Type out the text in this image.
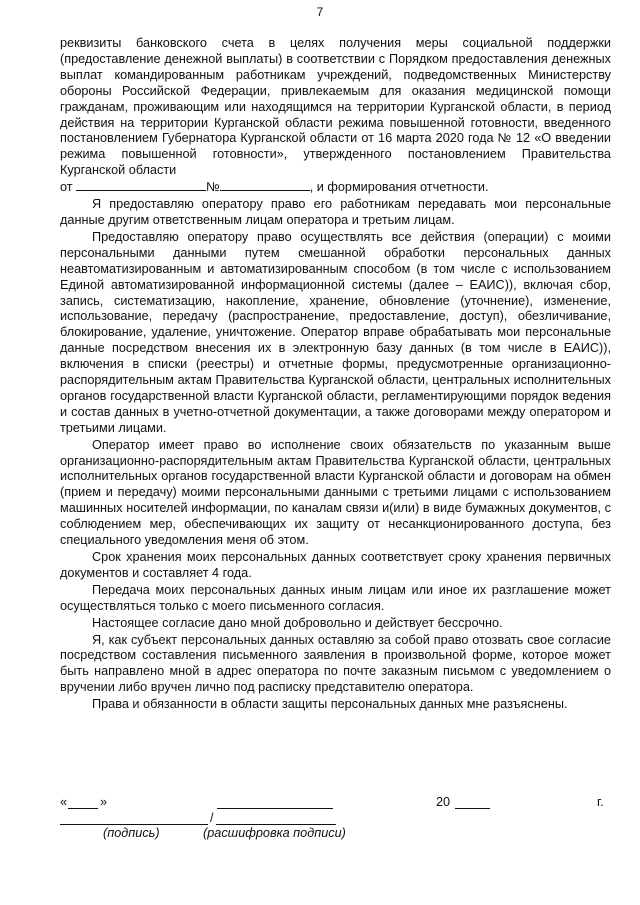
7

реквизиты банковского счета в целях получения меры социальной поддержки (предоставление денежной выплаты) в соответствии с Порядком предоставления денежных выплат командированным работникам учреждений, подведомственных Министерству обороны Российской Федерации, привлекаемым для оказания медицинской помощи гражданам, проживающим или находящимся на территории Курганской области, в период действия на территории Курганской области режима повышенной готовности, введенного постановлением Губернатора Курганской области от 16 марта 2020 года № 12 «О введении режима повышенной готовности», утвержденного постановлением Правительства Курганской области
от	№	, и формирования отчетности.

Я предоставляю оператору право его работникам передавать мои персональные данные другим ответственным лицам оператора и третьим лицам.

Предоставляю оператору право осуществлять все действия (операции) с моими персональными данными путем смешанной обработки персональных данных неавтоматизированным и автоматизированным способом (в том числе с использованием Единой автоматизированной информационной системы (далее – ЕАИС)), включая сбор, запись, систематизацию, накопление, хранение, обновление (уточнение), изменение, использование, передачу (распространение, предоставление, доступ), обезличивание, блокирование, удаление, уничтожение. Оператор вправе обрабатывать мои персональные данные посредством внесения их в электронную базу данных (в том числе в ЕАИС)), включения в списки (реестры) и отчетные формы, предусмотренные организационно-распорядительным актам Правительства Курганской области, центральных исполнительных органов государственной власти Курганской области, регламентирующими порядок ведения и состав данных в учетно-отчетной документации, а также договорами между оператором и третьими лицами.

Оператор имеет право во исполнение своих обязательств по указанным выше организационно-распорядительным актам Правительства Курганской области, центральных исполнительных органов государственной власти Курганской области и договорам на обмен (прием и передачу) моими персональными данными с третьими лицами с использованием машинных носителей информации, по каналам связи и(или) в виде бумажных документов, с соблюдением мер, обеспечивающих их защиту от несанкционированного доступа, без специального уведомления меня об этом.

Срок хранения моих персональных данных соответствует сроку хранения первичных документов и составляет 4 года.

Передача моих персональных данных иным лицам или иное их разглашение может осуществляться только с моего письменного согласия.

Настоящее согласие дано мной добровольно и действует бессрочно.

Я, как субъект персональных данных оставляю за собой право отозвать свое согласие посредством составления письменного заявления в произвольной форме, которое может быть направлено мной в адрес оператора по почте заказным письмом с уведомлением о вручении либо вручен лично под расписку представителю оператора.

Права и обязанности в области защиты персональных данных мне разъяснены.

«	»	20	г.
/
(подпись)	(расшифровка подписи)
